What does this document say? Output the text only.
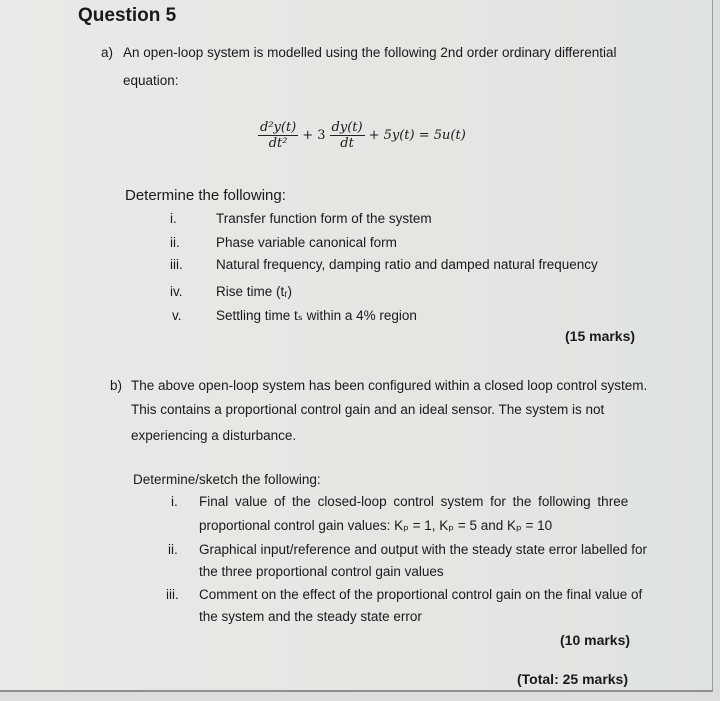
Question 5
a) An open-loop system is modelled using the following 2nd order ordinary differential
equation:
$\frac{\text{d²y(t)}}{\text{dt²}} + 3 \frac{dy(t)}{dt} + 5y(t) = 5u(t)$
Determine the following:
i.	Transfer function form of the system
ii.	Phase variable canonical form
iii. Natural frequency, damping ratio and damped natural frequency
iv. Rise time (tᵣ)
v.	Settling time tₛ within a 4% region
(15 marks)
b) The above open-loop system has been configured within a closed loop control system.
This contains a proportional control gain and an ideal sensor. The system is not
experiencing a disturbance.
Determine/sketch the following:
i. Final value of the closed-loop control system for the following three
proportional control gain values: Kₚ = 1, Kₚ = 5 and Kₚ = 10
ii. Graphical input/reference and output with the steady state error labelled for
the three proportional control gain values
iii. Comment on the effect of the proportional control gain on the final value of
the system and the steady state error
(10 marks)
(Total: 25 marks)
